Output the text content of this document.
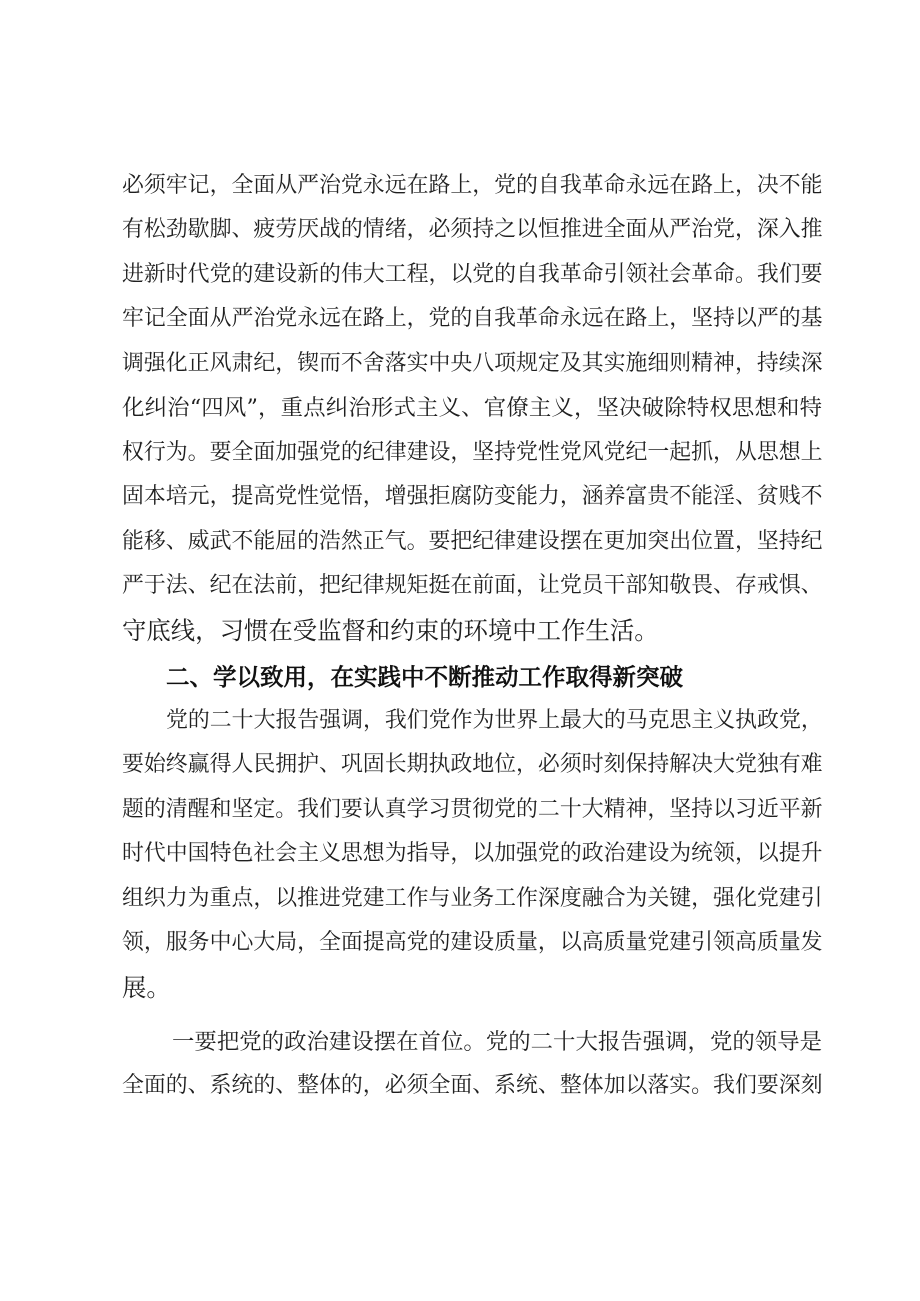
必须牢记，全面从严治党永远在路上，党的自我革命永远在路上，决不能

有松劲歇脚、疲劳厌战的情绪，必须持之以恒推进全面从严治党，深入推

进新时代党的建设新的伟大工程，以党的自我革命引领社会革命。我们要

牢记全面从严治党永远在路上，党的自我革命永远在路上，坚持以严的基

调强化正风肃纪，锲而不舍落实中央八项规定及其实施细则精神，持续深

化纠治“四风”，重点纠治形式主义、官僚主义，坚决破除特权思想和特

权行为。要全面加强党的纪律建设，坚持党性党风党纪一起抓，从思想上

固本培元，提高党性觉悟，增强拒腐防变能力，涵养富贵不能淫、贫贱不

能移、威武不能屈的浩然正气。要把纪律建设摆在更加突出位置，坚持纪

严于法、纪在法前，把纪律规矩挺在前面，让党员干部知敬畏、存戒惧、

守底线，习惯在受监督和约束的环境中工作生活。

二、学以致用，在实践中不断推动工作取得新突破

党的二十大报告强调，我们党作为世界上最大的马克思主义执政党，

要始终赢得人民拥护、巩固长期执政地位，必须时刻保持解决大党独有难

题的清醒和坚定。我们要认真学习贯彻党的二十大精神，坚持以习近平新

时代中国特色社会主义思想为指导，以加强党的政治建设为统领，以提升

组织力为重点，以推进党建工作与业务工作深度融合为关键，强化党建引

领，服务中心大局，全面提高党的建设质量，以高质量党建引领高质量发

展。

一要把党的政治建设摆在首位。党的二十大报告强调，党的领导是

全面的、系统的、整体的，必须全面、系统、整体加以落实。我们要深刻
